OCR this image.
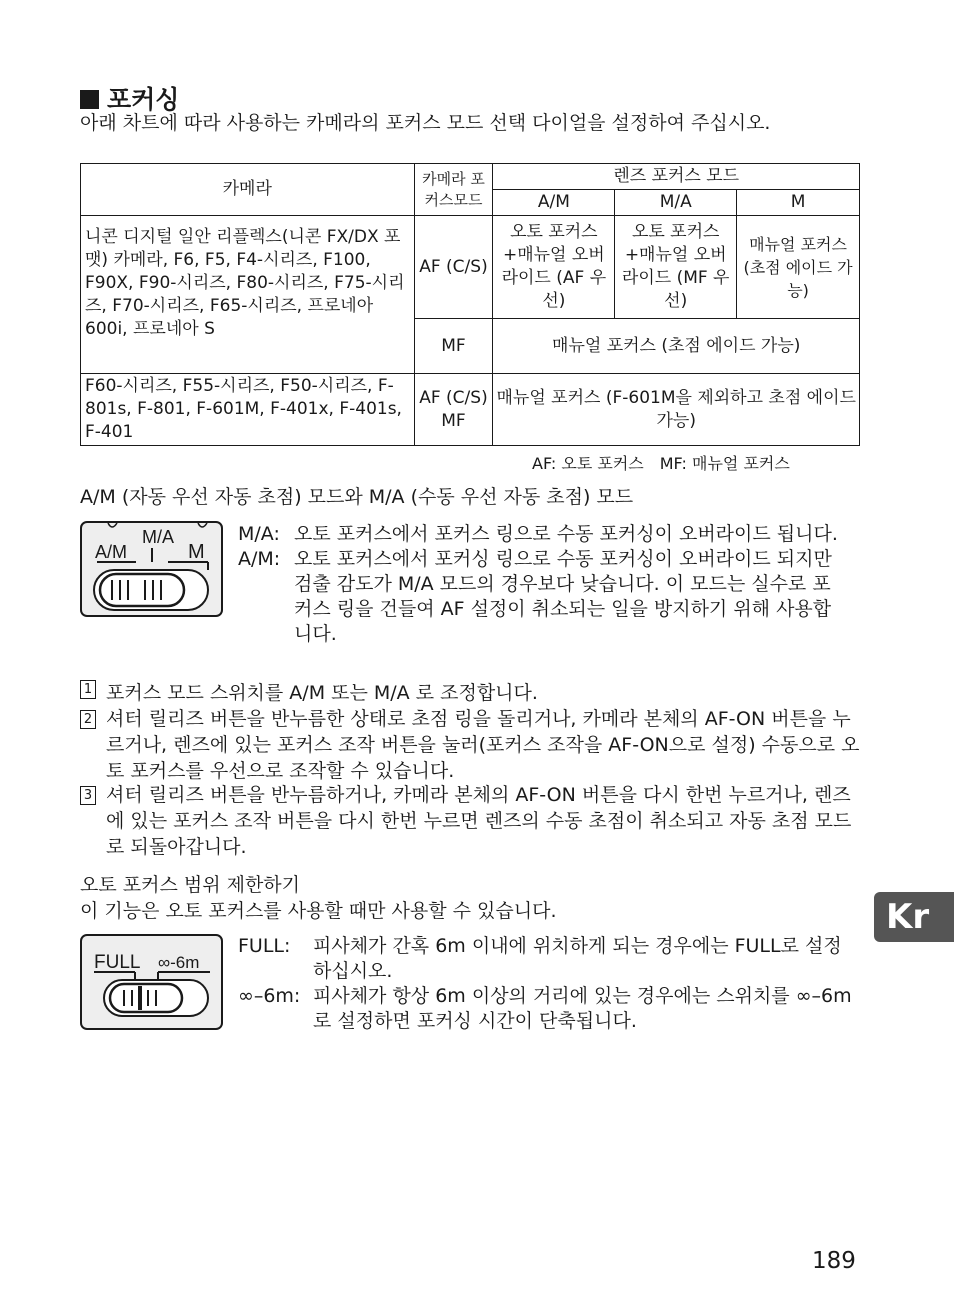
포커싱
아래 차트에 따라 사용하는 카메라의 포커스 모드 선택 다이얼을 설정하여 주십시오.
카메라	카메라 포커스모드	렌즈 포커스 모드		
		A/M	M/A	M
니콘 디지털 일안 리플렉스(니콘 FX/DX 포맷) 카메라, F6, F5, F4-시리즈, F100, F90X, F90-시리즈, F80-시리즈, F75-시리즈, F70-시리즈, F65-시리즈, 프로네아 600i, 프로네아 S	AF (C/S)	오토 포커스 +매뉴얼 오버라이드 (AF 우선)	오토 포커스 +매뉴얼 오버라이드 (MF 우선)	매뉴얼 포커스 (초점 에이드 가능)
	MF	매뉴얼 포커스 (초점 에이드 가능)		
F60-시리즈, F55-시리즈, F50-시리즈, F-801s, F-801, F-601M, F-401x, F-401s, F-401	AF (C/S) MF	매뉴얼 포커스 (F-601M을 제외하고 초점 에이드 가능)		
AF: 오토 포커스　MF: 매뉴얼 포커스
A/M (자동 우선 자동 초점) 모드와 M/A (수동 우선 자동 초점) 모드
M/A
A/M	M
M/A: 오토 포커스에서 포커스 링으로 수동 포커싱이 오버라이드 됩니다.
A/M: 오토 포커스에서 포커싱 링으로 수동 포커싱이 오버라이드 되지만 검출 감도가 M/A 모드의 경우보다 낮습니다. 이 모드는 실수로 포커스 링을 건들여 AF 설정이 취소되는 일을 방지하기 위해 사용합니다.
1 포커스 모드 스위치를 A/M 또는 M/A 로 조정합니다.
2 셔터 릴리즈 버튼을 반누름한 상태로 초점 링을 돌리거나, 카메라 본체의 AF-ON 버튼을 누르거나, 렌즈에 있는 포커스 조작 버튼을 눌러(포커스 조작을 AF-ON으로 설정) 수동으로 오토 포커스를 우선으로 조작할 수 있습니다.
3 셔터 릴리즈 버튼을 반누름하거나, 카메라 본체의 AF-ON 버튼을 다시 한번 누르거나, 렌즈에 있는 포커스 조작 버튼을 다시 한번 누르면 렌즈의 수동 초점이 취소되고 자동 초점 모드로 되돌아갑니다.
오토 포커스 범위 제한하기
이 기능은 오토 포커스를 사용할 때만 사용할 수 있습니다.
FULL ∞-6m
FULL:	피사체가 간혹 6m 이내에 위치하게 되는 경우에는 FULL로 설정하십시오.
∞–6m: 피사체가 항상 6m 이상의 거리에 있는 경우에는 스위치를 ∞–6m로 설정하면 포커싱 시간이 단축됩니다.
Kr
189
